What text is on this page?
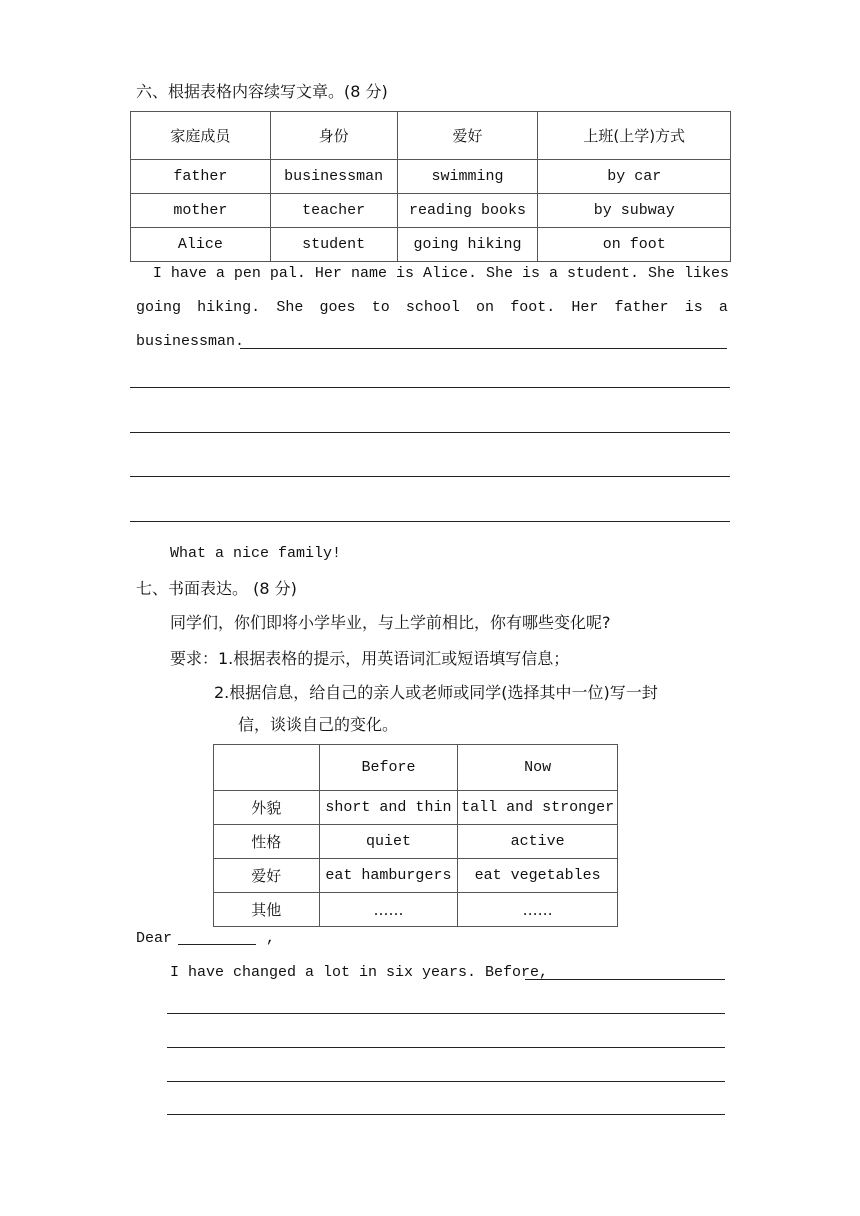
六、根据表格内容续写文章。(8 分)
家庭成员	身份	爱好	上班(上学)方式
father	businessman	swimming	by car
mother	teacher	reading books	by subway
Alice	student	going hiking	on foot
I have a pen pal. Her name is Alice. She is a student. She likes
going hiking. She goes to school on foot. Her father is a
businessman.
What a nice family!
七、书面表达。 (8 分)
同学们，你们即将小学毕业，与上学前相比，你有哪些变化呢?
要求：1.根据表格的提示，用英语词汇或短语填写信息；
2.根据信息，给自己的亲人或老师或同学(选择其中一位)写一封
信，谈谈自己的变化。
	Before	Now
外貌	short and thin	tall and stronger
性格	quiet	active
爱好	eat hamburgers	eat vegetables
其他	……	……
Dear	,
I have changed a lot in six years. Before,
